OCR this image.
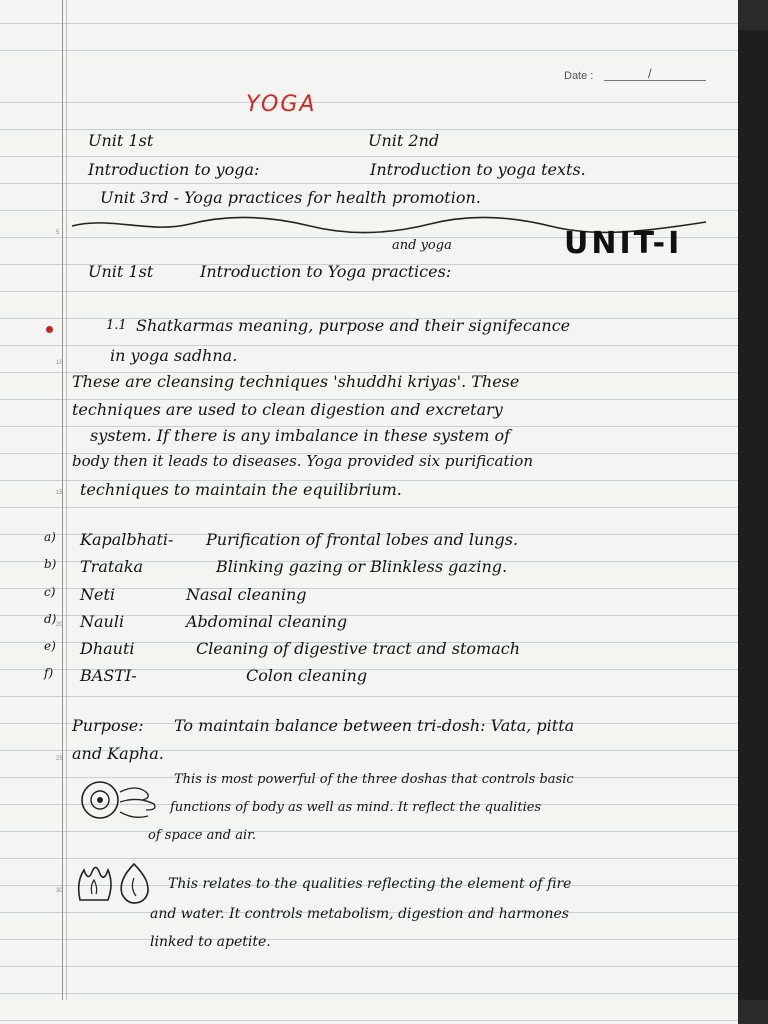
5
10
15
20
25
30
Date :	/
YOGA
Unit 1st	Unit 2nd
Introduction to yoga:	Introduction to yoga texts.
Unit 3rd - Yoga practices for health promotion.
and yoga
Unit 1st	Introduction to Yoga practices:
UNIT-I
1.1 Shatkarmas meaning, purpose and their signifecance
in yoga sadhna.
These are cleansing techniques 'shuddhi kriyas'. These
techniques are used to clean digestion and excretary
system. If there is any imbalance in these system of
body then it leads to diseases. Yoga provided six purification
techniques to maintain the equilibrium.
a) Kapalbhati- Purification of frontal lobes and lungs.
b) Trataka	Blinking gazing or Blinkless gazing.
c) Neti	Nasal cleaning
d) Nauli	Abdominal cleaning
e) Dhauti	Cleaning of digestive tract and stomach
f) BASTI-	Colon cleaning
Purpose: To maintain balance between tri-dosh: Vata, pitta
and Kapha.
This is most powerful of the three doshas that controls basic
functions of body as well as mind. It reflect the qualities
of space and air.
This relates to the qualities reflecting the element of fire
and water. It controls metabolism, digestion and harmones
linked to apetite.
